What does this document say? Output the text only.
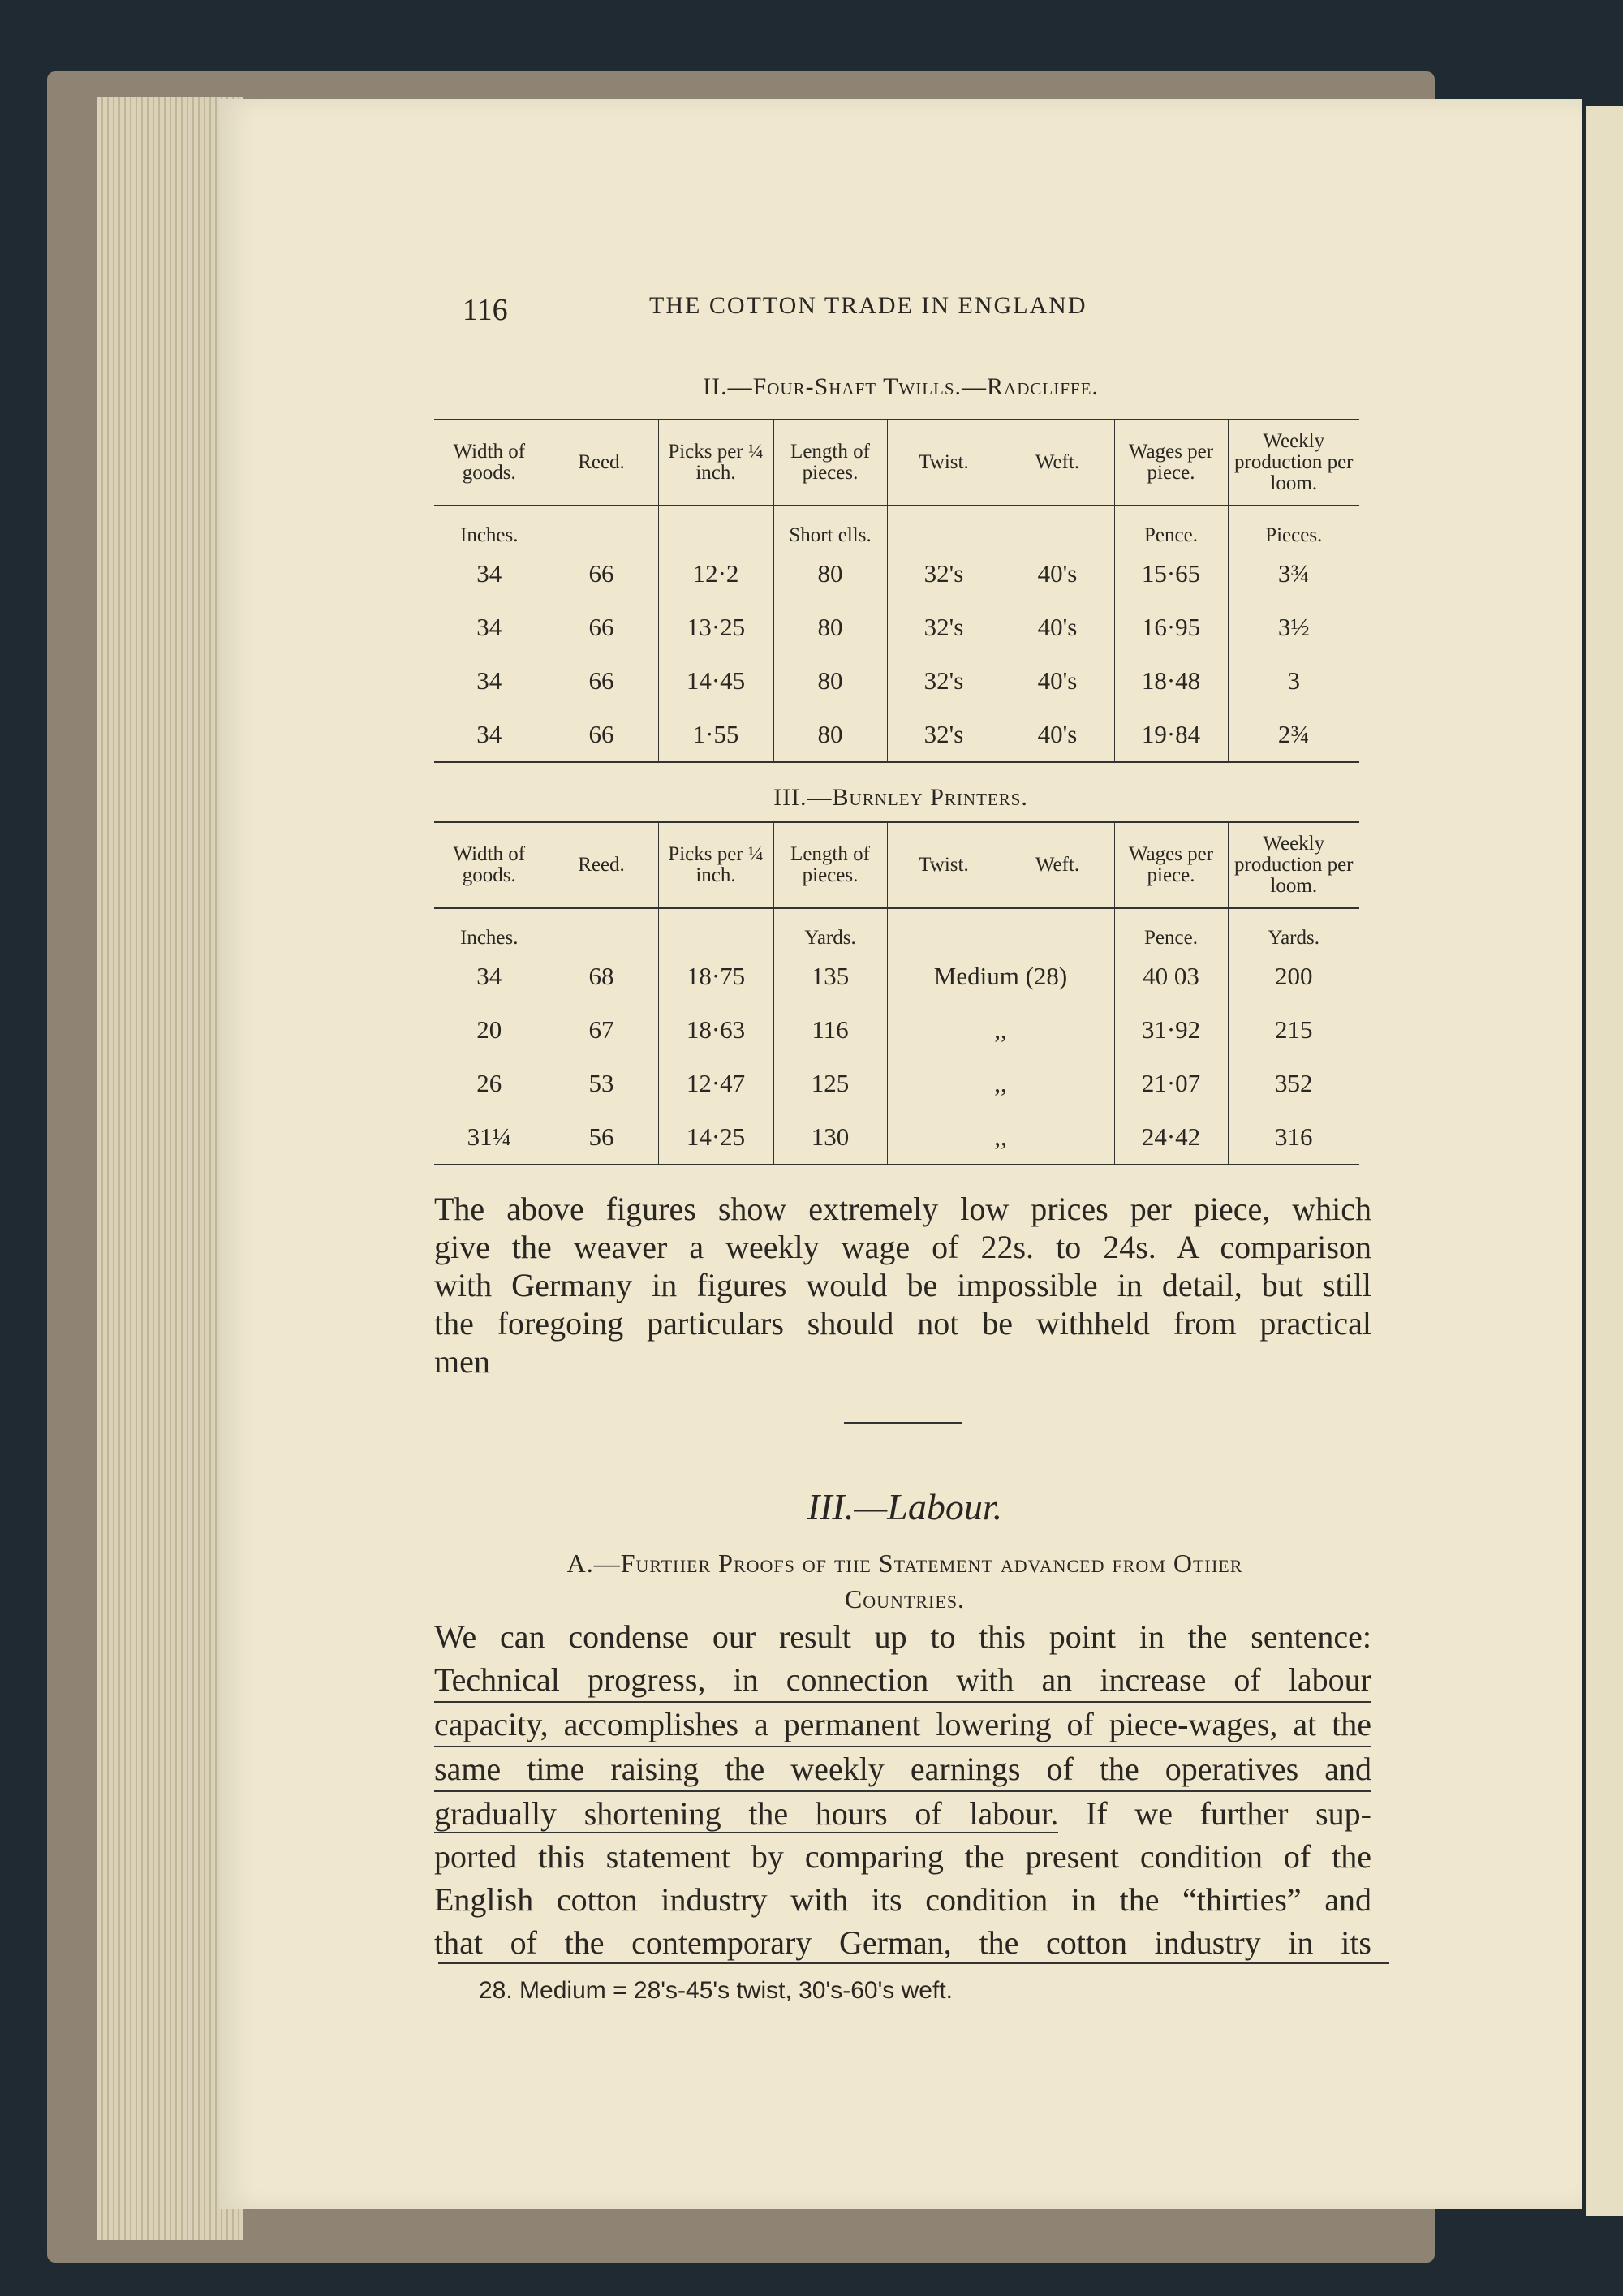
116	THE COTTON TRADE IN ENGLAND
II.—Four-Shaft Twills.—Radcliffe.
Width of goods.	Reed.	Picks per ¼ inch.	Length of pieces.	Twist.	Weft.	Wages per piece.	Weekly production per loom.
Inches.			Short ells.			Pence.	Pieces.
34	66	12·2	80	32's	40's	15·65	3¾
34	66	13·25	80	32's	40's	16·95	3½
34	66	14·45	80	32's	40's	18·48	3
34	66	1·55	80	32's	40's	19·84	2¾
III.—Burnley Printers.
Width of goods.	Reed.	Picks per ¼ inch.	Length of pieces.	Twist.	Weft.	Wages per piece.	Weekly production per loom.
Inches.			Yards.			Pence.	Yards.
34	68	18·75	135	Medium (28)		40 03	200
20	67	18·63	116	,,		31·92	215
26	53	12·47	125	,,		21·07	352
31¼	56	14·25	130	,,		24·42	316
The above figures show extremely low prices per piece, which
give the weaver a weekly wage of 22s. to 24s. A comparison
with Germany in figures would be impossible in detail, but still
the foregoing particulars should not be withheld from practical
men
III.—Labour.
A.—Further Proofs of the Statement advanced from Other
Countries.
We can condense our result up to this point in the sentence:
Technical progress, in connection with an increase of labour
capacity, accomplishes a permanent lowering of piece-wages, at the
same time raising the weekly earnings of the operatives and
gradually shortening the hours of labour. If we further sup-
ported this statement by comparing the present condition of the
English cotton industry with its condition in the “thirties” and
that of the contemporary German, the cotton industry in its
28. Medium = 28's-45's twist, 30's-60's weft.
